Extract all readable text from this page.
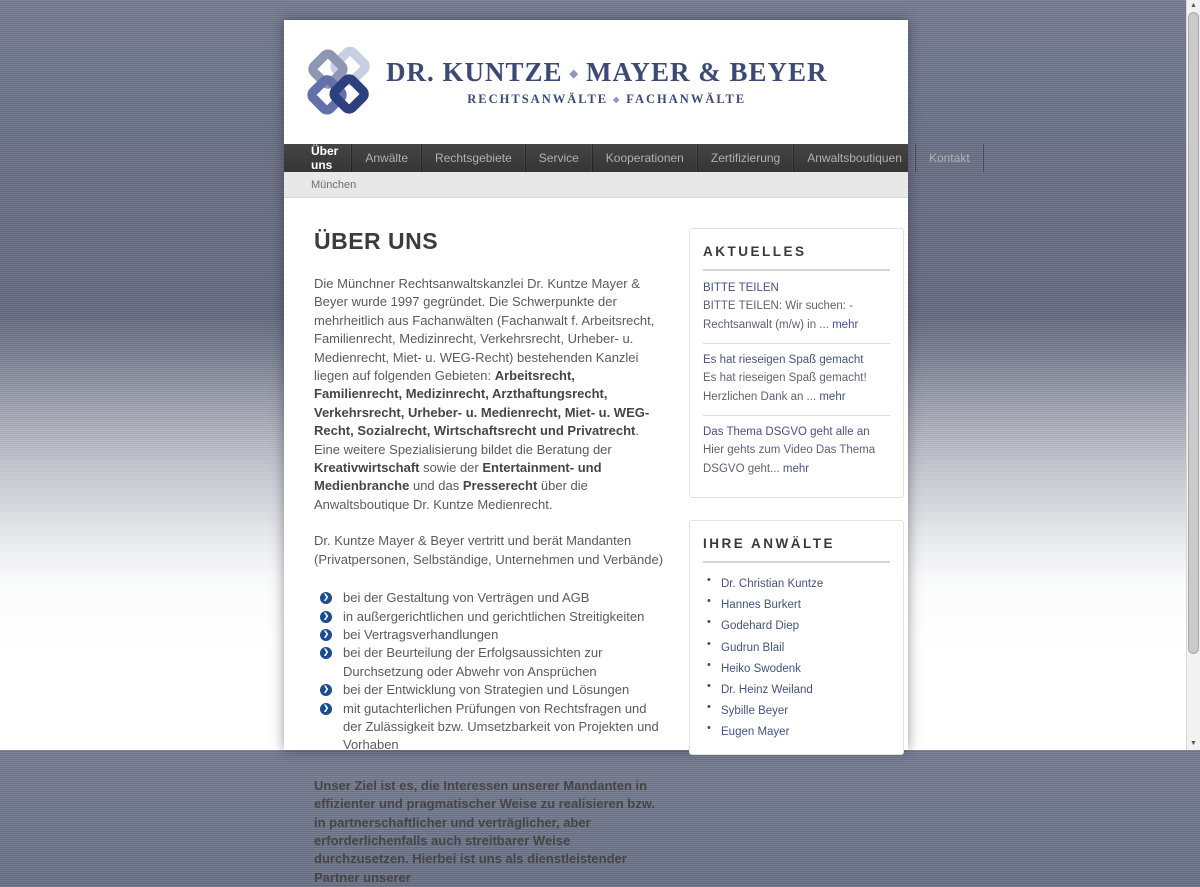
DR. KUNTZE ◆ MAYER & BEYER
RECHTSANWÄLTE ◆ FACHANWÄLTE
Über uns	Anwälte	Rechtsgebiete	Service	Kooperationen	Zertifizierung	Anwaltsboutiquen	Kontakt
München
ÜBER UNS

Die Münchner Rechtsanwaltskanzlei Dr. Kuntze Mayer & Beyer wurde 1997 gegründet. Die Schwerpunkte der mehrheitlich aus Fachanwälten (Fachanwalt f. Arbeitsrecht, Familienrecht, Medizinrecht, Verkehrsrecht, Urheber- u. Medienrecht, Miet- u. WEG-Recht) bestehenden Kanzlei liegen auf folgenden Gebieten: Arbeitsrecht, Familienrecht, Medizinrecht, Arzthaftungsrecht, Verkehrsrecht, Urheber- u. Medienrecht, Miet- u. WEG-Recht, Sozialrecht, Wirtschaftsrecht und Privatrecht. Eine weitere Spezialisierung bildet die Beratung der Kreativwirtschaft sowie der Entertainment- und Medienbranche und das Presserecht über die Anwaltsboutique Dr. Kuntze Medienrecht.

Dr. Kuntze Mayer & Beyer vertritt und berät Mandanten (Privatpersonen, Selbständige, Unternehmen und Verbände)

❯ bei der Gestaltung von Verträgen und AGB
❯ in außergerichtlichen und gerichtlichen Streitigkeiten
❯ bei Vertragsverhandlungen
❯ bei der Beurteilung der Erfolgsaussichten zur Durchsetzung oder Abwehr von Ansprüchen
❯ bei der Entwicklung von Strategien und Lösungen
❯ mit gutachterlichen Prüfungen von Rechtsfragen und der Zulässigkeit bzw. Umsetzbarkeit von Projekten und Vorhaben

Unser Ziel ist es, die Interessen unserer Mandanten in effizienter und pragmatischer Weise zu realisieren bzw. in partnerschaftlicher und verträglicher, aber erforderlichenfalls auch streitbarer Weise durchzusetzen. Hierbei ist uns als dienstleistender Partner unserer

AKTUELLES
BITTE TEILEN
BITTE TEILEN: Wir suchen: - Rechtsanwalt (m/w) in ... mehr
Es hat rieseigen Spaß gemacht
Es hat rieseigen Spaß gemacht! Herzlichen Dank an ... mehr
Das Thema DSGVO geht alle an
Hier gehts zum Video Das Thema DSGVO geht... mehr
IHRE ANWÄLTE
• Dr. Christian Kuntze
• Hannes Burkert
• Godehard Diep
• Gudrun Blail
• Heiko Swodenk
• Dr. Heinz Weiland
• Sybille Beyer
• Eugen Mayer
▲
▼
